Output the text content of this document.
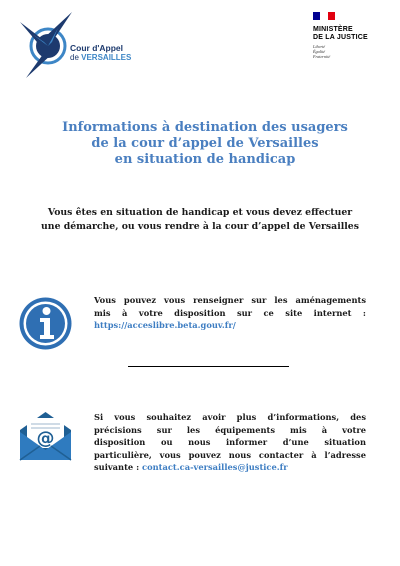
Cour d'Appel
de VERSAILLES
MINISTÈRE
DE LA JUSTICE
Liberté
Égalité
Fraternité
Informations à destination des usagers
de la cour d’appel de Versailles
en situation de handicap
Vous êtes en situation de handicap et vous devez effectuer
une démarche, ou vous rendre à la cour d’appel de Versailles
Vous pouvez vous renseigner sur les aménagements
mis à votre disposition sur ce site internet :
https://acceslibre.beta.gouv.fr/
@
Si vous souhaitez avoir plus d’informations, des
précisions sur les équipements mis à votre
disposition ou nous informer d’une situation
particulière, vous pouvez nous contacter à l’adresse
suivante : contact.ca-versailles@justice.fr
